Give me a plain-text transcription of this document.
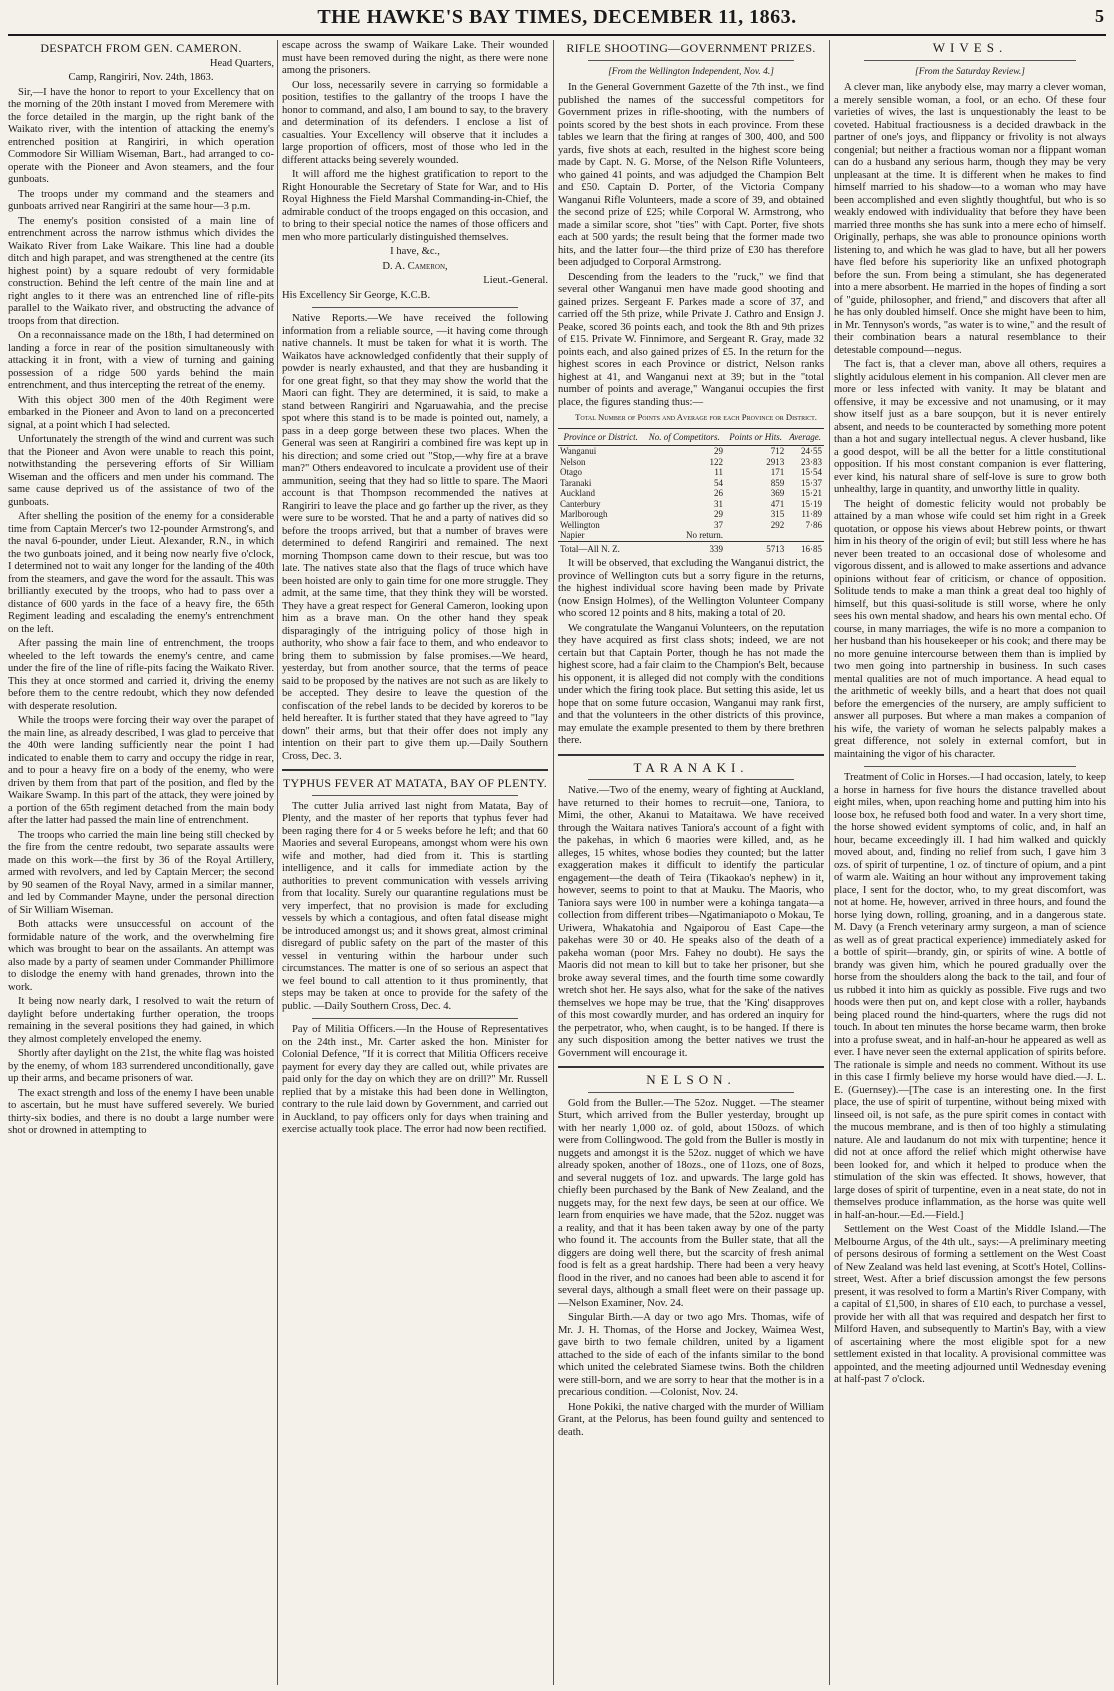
THE HAWKE'S BAY TIMES, DECEMBER 11, 1863.	5
DESPATCH FROM GEN. CAMERON.

Head Quarters,

Camp, Rangiriri, Nov. 24th, 1863.

Sir,—I have the honor to report to your Excellency that on the morning of the 20th instant I moved from Meremere with the force detailed in the margin, up the right bank of the Waikato river, with the intention of attacking the enemy's entrenched position at Rangiriri, in which operation Commodore Sir William Wiseman, Bart., had arranged to co-operate with the Pioneer and Avon steamers, and the four gunboats.

The troops under my command and the steamers and gunboats arrived near Rangiriri at the same hour—3 p.m.

The enemy's position consisted of a main line of entrenchment across the narrow isthmus which divides the Waikato River from Lake Waikare. This line had a double ditch and high parapet, and was strengthened at the centre (its highest point) by a square redoubt of very formidable construction. Behind the left centre of the main line and at right angles to it there was an entrenched line of rifle-pits parallel to the Waikato river, and obstructing the advance of troops from that direction.

On a reconnaissance made on the 18th, I had determined on landing a force in rear of the position simultaneously with attacking it in front, with a view of turning and gaining possession of a ridge 500 yards behind the main entrenchment, and thus intercepting the retreat of the enemy.

With this object 300 men of the 40th Regiment were embarked in the Pioneer and Avon to land on a preconcerted signal, at a point which I had selected.

Unfortunately the strength of the wind and current was such that the Pioneer and Avon were unable to reach this point, notwithstanding the persevering efforts of Sir William Wiseman and the officers and men under his command. The same cause deprived us of the assistance of two of the gunboats.

After shelling the position of the enemy for a considerable time from Captain Mercer's two 12-pounder Armstrong's, and the naval 6-pounder, under Lieut. Alexander, R.N., in which the two gunboats joined, and it being now nearly five o'clock, I determined not to wait any longer for the landing of the 40th from the steamers, and gave the word for the assault. This was brilliantly executed by the troops, who had to pass over a distance of 600 yards in the face of a heavy fire, the 65th Regiment leading and escalading the enemy's entrenchment on the left.

After passing the main line of entrenchment, the troops wheeled to the left towards the enemy's centre, and came under the fire of the line of rifle-pits facing the Waikato River. This they at once stormed and carried it, driving the enemy before them to the centre redoubt, which they now defended with desperate resolution.

While the troops were forcing their way over the parapet of the main line, as already described, I was glad to perceive that the 40th were landing sufficiently near the point I had indicated to enable them to carry and occupy the ridge in rear, and to pour a heavy fire on a body of the enemy, who were driven by them from that part of the position, and fled by the Waikare Swamp. In this part of the attack, they were joined by a portion of the 65th regiment detached from the main body after the latter had passed the main line of entrenchment.

The troops who carried the main line being still checked by the fire from the centre redoubt, two separate assaults were made on this work—the first by 36 of the Royal Artillery, armed with revolvers, and led by Captain Mercer; the second by 90 seamen of the Royal Navy, armed in a similar manner, and led by Commander Mayne, under the personal direction of Sir William Wiseman.

Both attacks were unsuccessful on account of the formidable nature of the work, and the overwhelming fire which was brought to bear on the assailants. An attempt was also made by a party of seamen under Commander Phillimore to dislodge the enemy with hand grenades, thrown into the work.

It being now nearly dark, I resolved to wait the return of daylight before undertaking further operation, the troops remaining in the several positions they had gained, in which they almost completely enveloped the enemy.

Shortly after daylight on the 21st, the white flag was hoisted by the enemy, of whom 183 surrendered unconditionally, gave up their arms, and became prisoners of war.

The exact strength and loss of the enemy I have been unable to ascertain, but he must have suffered severely. We buried thirty-six bodies, and there is no doubt a large number were shot or drowned in attempting to

escape across the swamp of Waikare Lake. Their wounded must have been removed during the night, as there were none among the prisoners.

Our loss, necessarily severe in carrying so formidable a position, testifies to the gallantry of the troops I have the honor to command, and also, I am bound to say, to the bravery and determination of its defenders. I enclose a list of casualties. Your Excellency will observe that it includes a large proportion of officers, most of those who led in the different attacks being severely wounded.

It will afford me the highest gratification to report to the Right Honourable the Secretary of State for War, and to His Royal Highness the Field Marshal Commanding-in-Chief, the admirable conduct of the troops engaged on this occasion, and to bring to their special notice the names of those officers and men who more particularly distinguished themselves.

I have, &c.,

D. A. Cameron,

Lieut.-General.

His Excellency Sir George, K.C.B.

Native Reports.—We have received the following information from a reliable source, —it having come through native channels. It must be taken for what it is worth. The Waikatos have acknowledged confidently that their supply of powder is nearly exhausted, and that they are husbanding it for one great fight, so that they may show the world that the Maori can fight. They are determined, it is said, to make a stand between Rangiriri and Ngaruawahia, and the precise spot where this stand is to be made is pointed out, namely, a pass in a deep gorge between these two places. When the General was seen at Rangiriri a combined fire was kept up in his direction; and some cried out "Stop,—why fire at a brave man?" Others endeavored to inculcate a provident use of their ammunition, seeing that they had so little to spare. The Maori account is that Thompson recommended the natives at Rangiriri to leave the place and go farther up the river, as they were sure to be worsted. That he and a party of natives did so before the troops arrived, but that a number of braves were determined to defend Rangiriri and remained. The next morning Thompson came down to their rescue, but was too late. The natives state also that the flags of truce which have been hoisted are only to gain time for one more struggle. They admit, at the same time, that they think they will be worsted. They have a great respect for General Cameron, looking upon him as a brave man. On the other hand they speak disparagingly of the intriguing policy of those high in authority, who show a fair face to them, and who endeavor to bring them to submission by false promises.—We heard, yesterday, but from another source, that the terms of peace said to be proposed by the natives are not such as are likely to be accepted. They desire to leave the question of the confiscation of the rebel lands to be decided by koreros to be held hereafter. It is further stated that they have agreed to "lay down" their arms, but that their offer does not imply any intention on their part to give them up.—Daily Southern Cross, Dec. 3.

TYPHUS FEVER AT MATATA, BAY OF PLENTY.

The cutter Julia arrived last night from Matata, Bay of Plenty, and the master of her reports that typhus fever had been raging there for 4 or 5 weeks before he left; and that 60 Maories and several Europeans, amongst whom were his own wife and mother, had died from it. This is startling intelligence, and it calls for immediate action by the authorities to prevent communication with vessels arriving from that locality. Surely our quarantine regulations must be very imperfect, that no provision is made for excluding vessels by which a contagious, and often fatal disease might be introduced amongst us; and it shows great, almost criminal disregard of public safety on the part of the master of this vessel in venturing within the harbour under such circumstances. The matter is one of so serious an aspect that we feel bound to call attention to it thus prominently, that steps may be taken at once to provide for the safety of the public. —Daily Southern Cross, Dec. 4.

Pay of Militia Officers.—In the House of Representatives on the 24th inst., Mr. Carter asked the hon. Minister for Colonial Defence, "If it is correct that Militia Officers receive payment for every day they are called out, while privates are paid only for the day on which they are on drill?" Mr. Russell replied that by a mistake this had been done in Wellington, contrary to the rule laid down by Government, and carried out in Auckland, to pay officers only for days when training and exercise actually took place. The error had now been rectified.

RIFLE SHOOTING—GOVERNMENT PRIZES.
[From the Wellington Independent, Nov. 4.]

In the General Government Gazette of the 7th inst., we find published the names of the successful competitors for Government prizes in rifle-shooting, with the numbers of points scored by the best shots in each province. From these tables we learn that the firing at ranges of 300, 400, and 500 yards, five shots at each, resulted in the highest score being made by Capt. N. G. Morse, of the Nelson Rifle Volunteers, who gained 41 points, and was adjudged the Champion Belt and £50. Captain D. Porter, of the Victoria Company Wanganui Rifle Volunteers, made a score of 39, and obtained the second prize of £25; while Corporal W. Armstrong, who made a similar score, shot "ties" with Capt. Porter, five shots each at 500 yards; the result being that the former made two hits, and the latter four—the third prize of £30 has therefore been adjudged to Corporal Armstrong.

Descending from the leaders to the "ruck," we find that several other Wanganui men have made good shooting and gained prizes. Sergeant F. Parkes made a score of 37, and carried off the 5th prize, while Private J. Cathro and Ensign J. Peake, scored 36 points each, and took the 8th and 9th prizes of £15. Private W. Finnimore, and Sergeant R. Gray, made 32 points each, and also gained prizes of £5. In the return for the highest scores in each Province or district, Nelson ranks highest at 41, and Wanganui next at 39; but in the "total number of points and average," Wanganui occupies the first place, the figures standing thus:—

Total Number of Points and Average for each Province or District.

Province or District.	No. of Competitors.	Points or Hits.	Average.
Wanganui	29	712	24·55
Nelson	122	2913	23·83
Otago	11	171	15·54
Taranaki	54	859	15·37
Auckland	26	369	15·21
Canterbury	31	471	15·19
Marlborough	29	315	11·89
Wellington	37	292	7·86
Napier	No return.		
Total—All N. Z.	339	5713	16·85

It will be observed, that excluding the Wanganui district, the province of Wellington cuts but a sorry figure in the returns, the highest individual score having been made by Private (now Ensign Holmes), of the Wellington Volunteer Company who scored 12 points and 8 hits, making a total of 20.

We congratulate the Wanganui Volunteers, on the reputation they have acquired as first class shots; indeed, we are not certain but that Captain Porter, though he has not made the highest score, had a fair claim to the Champion's Belt, because his opponent, it is alleged did not comply with the conditions under which the firing took place. But setting this aside, let us hope that on some future occasion, Wanganui may rank first, and that the volunteers in the other districts of this province, may emulate the example presented to them by there brethren there.

TARANAKI.

Native.—Two of the enemy, weary of fighting at Auckland, have returned to their homes to recruit—one, Taniora, to Mimi, the other, Akanui to Mataitawa. We have received through the Waitara natives Taniora's account of a fight with the pakehas, in which 6 maories were killed, and, as he alleges, 15 whites, whose bodies they counted; but the latter exaggeration makes it difficult to identify the particular engagement—the death of Teira (Tikaokao's nephew) in it, however, seems to point to that at Mauku. The Maoris, who Taniora says were 100 in number were a kohinga tangata—a collection from different tribes—Ngatimaniapoto o Mokau, Te Uriwera, Whakatohia and Ngaiporou of East Cape—the pakehas were 30 or 40. He speaks also of the death of a pakeha woman (poor Mrs. Fahey no doubt). He says the Maoris did not mean to kill but to take her prisoner, but she broke away several times, and the fourth time some cowardly wretch shot her. He says also, what for the sake of the natives themselves we hope may be true, that the 'King' disapproves of this most cowardly murder, and has ordered an inquiry for the perpetrator, who, when caught, is to be hanged. If there is any such disposition among the better natives we trust the Government will encourage it.

NELSON.

Gold from the Buller.—The 52oz. Nugget. —The steamer Sturt, which arrived from the Buller yesterday, brought up with her nearly 1,000 oz. of gold, about 150ozs. of which were from Collingwood. The gold from the Buller is mostly in nuggets and amongst it is the 52oz. nugget of which we have already spoken, another of 18ozs., one of 11ozs, one of 8ozs, and several nuggets of 1oz. and upwards. The large gold has chiefly been purchased by the Bank of New Zealand, and the nuggets may, for the next few days, be seen at our office. We learn from enquiries we have made, that the 52oz. nugget was a reality, and that it has been taken away by one of the party who found it. The accounts from the Buller state, that all the diggers are doing well there, but the scarcity of fresh animal food is felt as a great hardship. There had been a very heavy flood in the river, and no canoes had been able to ascend it for several days, although a small fleet were on their passage up.—Nelson Examiner, Nov. 24.

Singular Birth.—A day or two ago Mrs. Thomas, wife of Mr. J. H. Thomas, of the Horse and Jockey, Waimea West, gave birth to two female children, united by a ligament attached to the side of each of the infants similar to the bond which united the celebrated Siamese twins. Both the children were still-born, and we are sorry to hear that the mother is in a precarious condition. —Colonist, Nov. 24.

Hone Pokiki, the native charged with the murder of William Grant, at the Pelorus, has been found guilty and sentenced to death.

WIVES.
[From the Saturday Review.]

A clever man, like anybody else, may marry a clever woman, a merely sensible woman, a fool, or an echo. Of these four varieties of wives, the last is unquestionably the least to be coveted. Habitual fractiousness is a decided drawback in the partner of one's joys, and flippancy or frivolity is not always congenial; but neither a fractious woman nor a flippant woman can do a husband any serious harm, though they may be very unpleasant at the time. It is different when he makes to find himself married to his shadow—to a woman who may have been accomplished and even slightly thoughtful, but who is so weakly endowed with individuality that before they have been married three months she has sunk into a mere echo of himself. Originally, perhaps, she was able to pronounce opinions worth listening to, and which he was glad to have, but all her powers have fled before his superiority like an unfixed photograph before the sun. From being a stimulant, she has degenerated into a mere absorbent. He married in the hopes of finding a sort of "guide, philosopher, and friend," and discovers that after all he has only doubled himself. Once she might have been to him, in Mr. Tennyson's words, "as water is to wine," and the result of their combination bears a natural resemblance to their detestable compound—negus.

The fact is, that a clever man, above all others, requires a slightly acidulous element in his companion. All clever men are more or less infected with vanity. It may be blatant and offensive, it may be excessive and not unamusing, or it may show itself just as a bare soupçon, but it is never entirely absent, and needs to be counteracted by something more potent than a hot and sugary intellectual negus. A clever husband, like a good despot, will be all the better for a little constitutional opposition. If his most constant companion is ever flattering, ever kind, his natural share of self-love is sure to grow both unhealthy, large in quantity, and unworthy little in quality.

The height of domestic felicity would not probably be attained by a man whose wife could set him right in a Greek quotation, or oppose his views about Hebrew points, or thwart him in his theory of the origin of evil; but still less where he has never been treated to an occasional dose of wholesome and vigorous dissent, and is allowed to make assertions and advance opinions without fear of criticism, or chance of opposition. Solitude tends to make a man think a great deal too highly of himself, but this quasi-solitude is still worse, where he only sees his own mental shadow, and hears his own mental echo. Of course, in many marriages, the wife is no more a companion to her husband than his housekeeper or his cook; and there may be no more genuine intercourse between them than is implied by two men going into partnership in business. In such cases mental qualities are not of much importance. A head equal to the arithmetic of weekly bills, and a heart that does not quail before the emergencies of the nursery, are amply sufficient to answer all purposes. But where a man makes a companion of his wife, the variety of woman he selects palpably makes a great difference, not solely in external comfort, but in maintaining the vigor of his character.

Treatment of Colic in Horses.—I had occasion, lately, to keep a horse in harness for five hours the distance travelled about eight miles, when, upon reaching home and putting him into his loose box, he refused both food and water. In a very short time, the horse showed evident symptoms of colic, and, in half an hour, became exceedingly ill. I had him walked and quickly moved about, and, finding no relief from such, I gave him 3 ozs. of spirit of turpentine, 1 oz. of tincture of opium, and a pint of warm ale. Waiting an hour without any improvement taking place, I sent for the doctor, who, to my great discomfort, was not at home. He, however, arrived in three hours, and found the horse lying down, rolling, groaning, and in a dangerous state. M. Davy (a French veterinary army surgeon, a man of science as well as of great practical experience) immediately asked for a bottle of spirit—brandy, gin, or spirits of wine. A bottle of brandy was given him, which he poured gradually over the horse from the shoulders along the back to the tail, and four of us rubbed it into him as quickly as possible. Five rugs and two hoods were then put on, and kept close with a roller, haybands being placed round the hind-quarters, where the rugs did not touch. In about ten minutes the horse became warm, then broke into a profuse sweat, and in half-an-hour he appeared as well as ever. I have never seen the external application of spirits before. The rationale is simple and needs no comment. Without its use in this case I firmly believe my horse would have died.—J. L. E. (Guernsey).—[The case is an interesting one. In the first place, the use of spirit of turpentine, without being mixed with linseed oil, is not safe, as the pure spirit comes in contact with the mucous membrane, and is then of too highly a stimulating nature. Ale and laudanum do not mix with turpentine; hence it did not at once afford the relief which might otherwise have been looked for, and which it helped to produce when the stimulation of the skin was effected. It shows, however, that large doses of spirit of turpentine, even in a neat state, do not in themselves produce inflammation, as the horse was quite well in half-an-hour.—Ed.—Field.]

Settlement on the West Coast of the Middle Island.—The Melbourne Argus, of the 4th ult., says:—A preliminary meeting of persons desirous of forming a settlement on the West Coast of New Zealand was held last evening, at Scott's Hotel, Collins-street, West. After a brief discussion amongst the few persons present, it was resolved to form a Martin's River Company, with a capital of £1,500, in shares of £10 each, to purchase a vessel, provide her with all that was required and despatch her first to Milford Haven, and subsequently to Martin's Bay, with a view of ascertaining where the most eligible spot for a new settlement existed in that locality. A provisional committee was appointed, and the meeting adjourned until Wednesday evening at half-past 7 o'clock.
